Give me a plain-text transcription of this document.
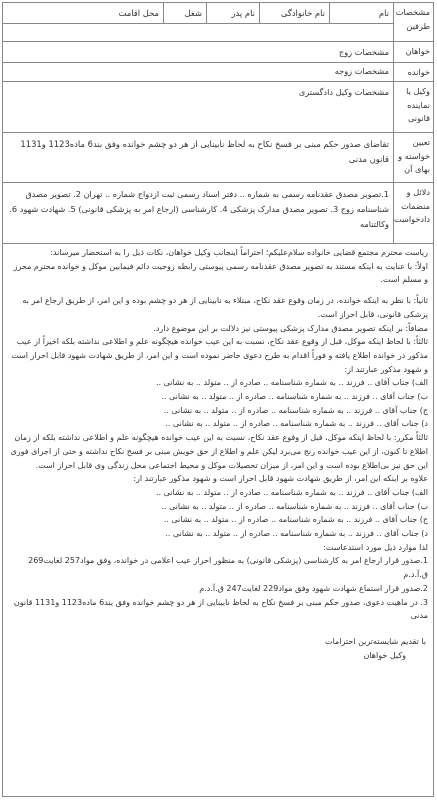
مشخصات طرفین
نام
نام خانوادگی
نام پدر
شغل
محل اقامت
خواهان
مشخصات زوج
خوانده
مشخصات زوجه
وکیل یا
نماینده
قانونی
مشخصات وکیل دادگستری
تعیین
خواسته و
بهای آن
تقاضای صدور حکم مبنی بر فسخ نکاح به لحاظ نابینایی از هر دو چشم خوانده وفق بند6 ماده1123 و1131 قانون مدنی
دلائل و
منضمات
دادخواست
1.تصویر مصدق عقدنامه رسمی به شماره .. دفتر اسناد رسمی ثبت ازدواج شماره .. تهران 2. تصویر مصدق شناسنامه زوج 3. تصویر مصدق مدارک پزشکی 4. کارشناسی (ارجاع امر به پزشکی قانونی) 5. شهادت شهود 6. وکالتنامه

ریاست محترم مجتمع قضایی خانواده سلام‌علیکم؛ احتراماً اینجانب وکیل خواهان، نکات ذیل را به استحضار میرساند:

اولاً: با عنایت به اینکه مستند به تصویر مصدق عقدنامه رسمی پیوستی رابطه زوجیت دائم فیمابین موکل و خوانده محترم محرز و مسلم است.

ثانیاً: با نظر به اینکه خوانده، در زمان وقوع عقد نکاح، مبتلاء به نابینایی از هر دو چشم بوده و این امر، از طریق ارجاع امر به پزشکی قانونی، قابل احراز است.

مضافاً: بر اینکه تصویر مصدق مدارک پزشکی پیوستی نیز دلالت بر این موضوع دارد.

ثالثاً: با لحاظ اینکه موکل، قبل از وقوع عقد نکاح، نسبت به این عیب خوانده هیچگونه علم و اطلاعی نداشته بلکه اخیراً از عیب مذکور در خوانده اطلاع یافته و فوراً اقدام به طرح دعوی حاضر نموده است و این امر، از طریق شهادت شهود قابل احراز است و شهود مذکور عبارتند از:

الف) جناب آقای .. فرزند .. به شماره شناسنامه .. صادره از .. متولد .. به نشانی ..

ب) جناب آقای .. فرزند .. به شماره شناسنامه .. صادره از .. متولد .. به نشانی ..

ج) جناب آقای .. فرزند .. به شماره شناسنامه .. صادره از .. متولد .. به نشانی ..

د) جناب آقای .. فرزند .. به شماره شناسنامه .. صادره از .. متولد .. به نشانی ..

ثالثاً مکرر: با لحاظ اینکه موکل، قبل از وقوع عقد نکاح، نسبت به این عیب خوانده هیچگونه علم و اطلاعی نداشته بلکه از زمان اطلاع تا کنون، از این عیب خوانده رنج می‌برد لیکن علم و اطلاع از حق خویش مبنی بر فسخ نکاح نداشته و حتی از اجرای فوری این حق نیز بی‌اطلاع بوده است و این امر، از میزان تحصیلات موکل و محیط اجتماعی محل زندگی وی قابل احراز است.

علاوه بر اینکه این امر، از طریق شهادت شهود قابل احراز است و شهود مذکور عبارتند از:

الف) جناب آقای .. فرزند .. به شماره شناسنامه .. صادره از .. متولد .. به نشانی ..

ب) جناب آقای .. فرزند .. به شماره شناسنامه .. صادره از .. متولد .. به نشانی ..

ج) جناب آقای .. فرزند .. به شماره شناسنامه .. صادره از .. متولد .. به نشانی ..

د) جناب آقای .. فرزند .. به شماره شناسنامه .. صادره از .. متولد .. به نشانی ..

لذا موارد ذیل مورد استدعاست:

1.صدور قرار ارجاع امر به کارشناسی (پزشکی قانونی) به منظور احراز عیب اعلامی در خوانده، وفق مواد257 لغایت269 ق.آ.د.م

2.صدور قرار استماع شهادت شهود وفق مواد229 لغایت247 ق.آ.د.م

3. در ماهیت دعوی، صدور حکم مبنی بر فسخ نکاح به لحاظ نابینایی از هر دو چشم خوانده وفق بند6 ماده1123 و1131 قانون مدنی

با تقدیم شایسته‌ترین احترامات

وکیل خواهان
